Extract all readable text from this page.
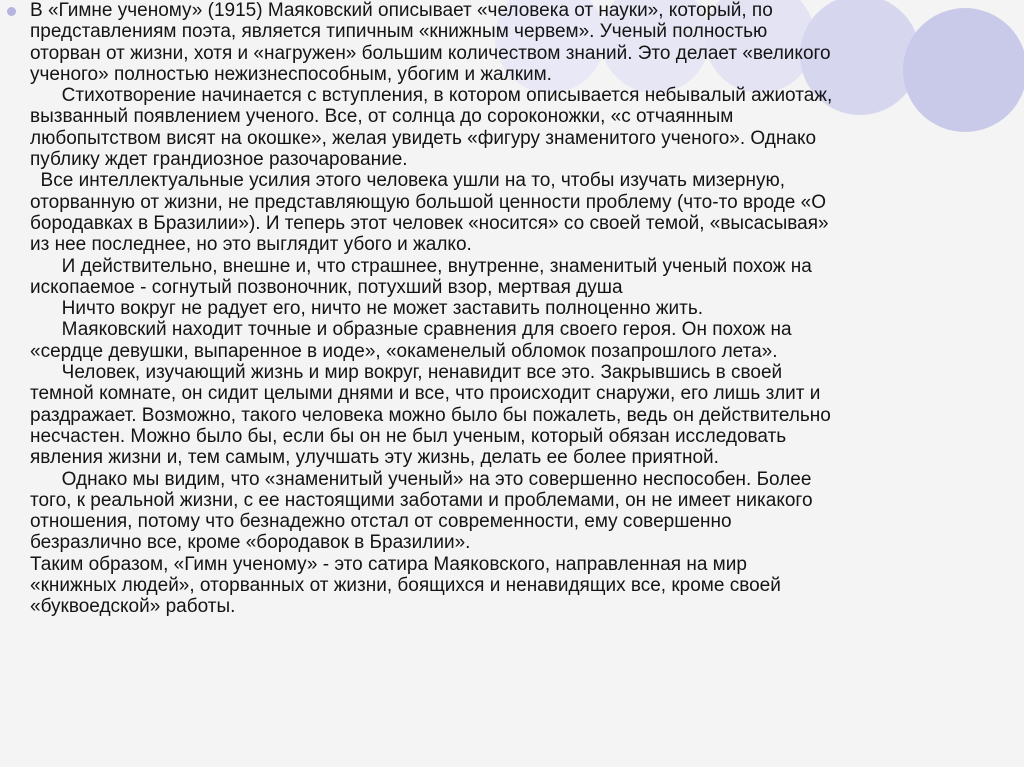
В «Гимне ученому» (1915) Маяковский описывает «человека от науки», который, по
представлениям поэта, является типичным «книжным червем». Ученый полностью
оторван от жизни, хотя и «нагружен» большим количеством знаний. Это делает «великого
ученого» полностью нежизнеспособным, убогим и жалким.
Стихотворение начинается с вступления, в котором описывается небывалый ажиотаж,
вызванный появлением ученого. Все, от солнца до сороконожки, «с отчаянным
любопытством висят на окошке», желая увидеть «фигуру знаменитого ученого». Однако
публику ждет грандиозное разочарование.
Все интеллектуальные усилия этого человека ушли на то, чтобы изучать мизерную,
оторванную от жизни, не представляющую большой ценности проблему (что-то вроде «О
бородавках в Бразилии»). И теперь этот человек «носится» со своей темой, «высасывая»
из нее последнее, но это выглядит убого и жалко.
И действительно, внешне и, что страшнее, внутренне, знаменитый ученый похож на
ископаемое - согнутый позвоночник, потухший взор, мертвая душа
Ничто вокруг не радует его, ничто не может заставить полноценно жить.
Маяковский находит точные и образные сравнения для своего героя. Он похож на
«сердце девушки, выпаренное в иоде», «окаменелый обломок позапрошлого лета».
Человек, изучающий жизнь и мир вокруг, ненавидит все это. Закрывшись в своей
темной комнате, он сидит целыми днями и все, что происходит снаружи, его лишь злит и
раздражает. Возможно, такого человека можно было бы пожалеть, ведь он действительно
несчастен. Можно было бы, если бы он не был ученым, который обязан исследовать
явления жизни и, тем самым, улучшать эту жизнь, делать ее более приятной.
Однако мы видим, что «знаменитый ученый» на это совершенно неспособен. Более
того, к реальной жизни, с ее настоящими заботами и проблемами, он не имеет никакого
отношения, потому что безнадежно отстал от современности, ему совершенно
безразлично все, кроме «бородавок в Бразилии».
Таким образом, «Гимн ученому» - это сатира Маяковского, направленная на мир
«книжных людей», оторванных от жизни, боящихся и ненавидящих все, кроме своей
«буквоедской» работы.
